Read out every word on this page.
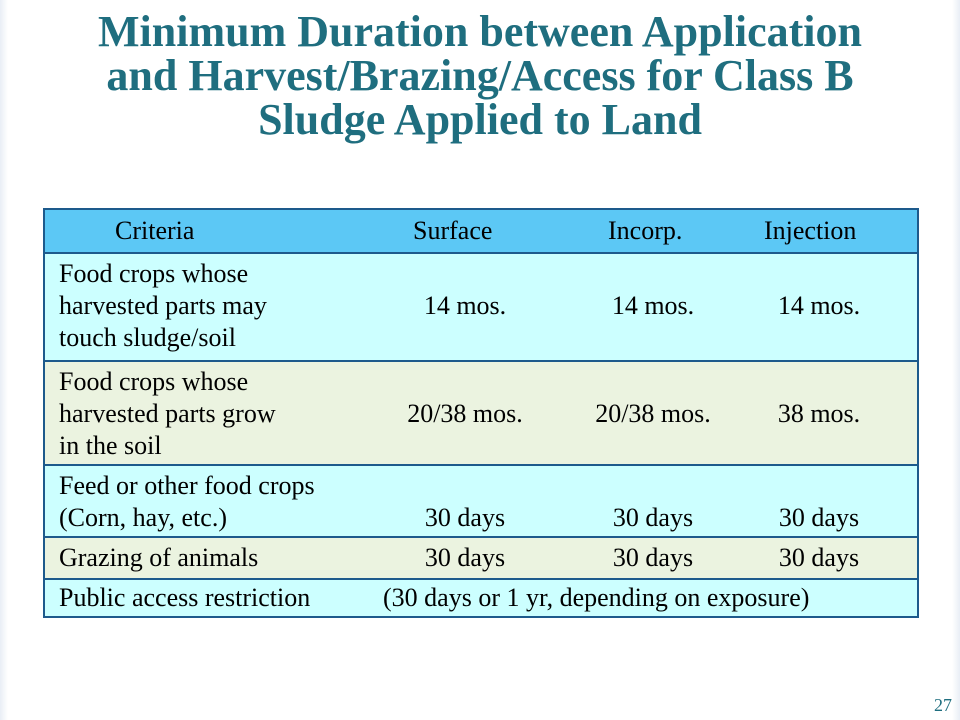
Minimum Duration between Application
and Harvest/Brazing/Access for Class B
Sludge Applied to Land
Criteria	Surface	Incorp.	Injection
Food crops whose
harvested parts may
touch sludge/soil
14 mos.	14 mos.	14 mos.
Food crops whose
harvested parts grow
in the soil
20/38 mos.	20/38 mos.	38 mos.
Feed or other food crops
(Corn, hay, etc.)	30 days	30 days	30 days
Grazing of animals	30 days	30 days	30 days
Public access restriction	(30 days or 1 yr, depending on exposure)
27
